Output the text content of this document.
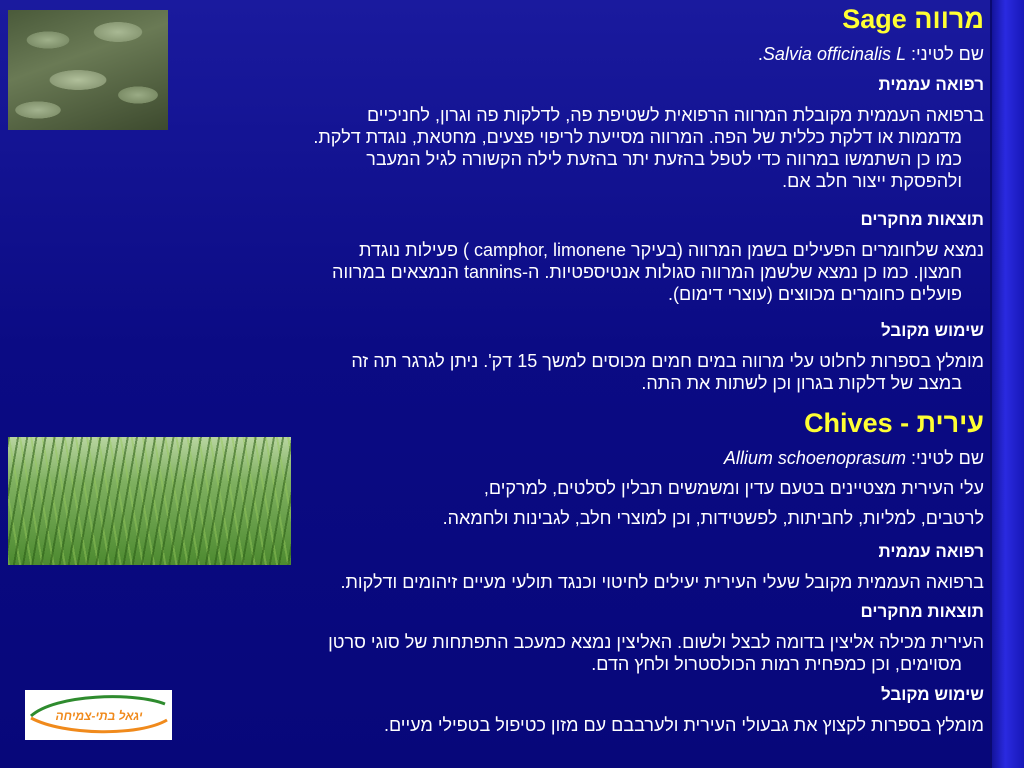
יגאל בתי-צמיחה
מרווה Sage
שם לטיני: Salvia officinalis L.
רפואה עממית
ברפואה העממית מקובלת המרווה הרפואית לשטיפת פה, לדלקות פה וגרון, לחניכיים
מדממות או דלקת כללית של הפה. המרווה מסייעת לריפוי פצעים, מחטאת, נוגדת דלקת.
כמו כן השתמשו במרווה כדי לטפל בהזעת יתר בהזעת לילה הקשורה לגיל המעבר
ולהפסקת ייצור חלב אם.
תוצאות מחקרים
נמצא שלחומרים הפעילים בשמן המרווה (בעיקר camphor, limonene ) פעילות נוגדת
חמצון. כמו כן נמצא שלשמן המרווה סגולות אנטיספטיות. ה-tannins הנמצאים במרווה
פועלים כחומרים מכווצים (עוצרי דימום).
שימוש מקובל
מומלץ בספרות לחלוט עלי מרווה במים חמים מכוסים למשך 15 דק'. ניתן לגרגר תה זה
במצב של דלקות בגרון וכן לשתות את התה.
עירית - Chives
שם לטיני: Allium schoenoprasum
עלי העירית מצטיינים בטעם עדין ומשמשים תבלין לסלטים, למרקים,
לרטבים, למליות, לחביתות, לפשטידות, וכן למוצרי חלב, לגבינות ולחמאה.
רפואה עממית
ברפואה העממית מקובל שעלי העירית יעילים לחיטוי וכנגד תולעי מעיים זיהומים ודלקות.
תוצאות מחקרים
העירית מכילה אליצין בדומה לבצל ולשום. האליצין נמצא כמעכב התפתחות של סוגי סרטן
מסוימים, וכן כמפחית רמות הכולסטרול ולחץ הדם.
שימוש מקובל
מומלץ בספרות לקצוץ את גבעולי העירית ולערבבם עם מזון כטיפול בטפילי מעיים.
